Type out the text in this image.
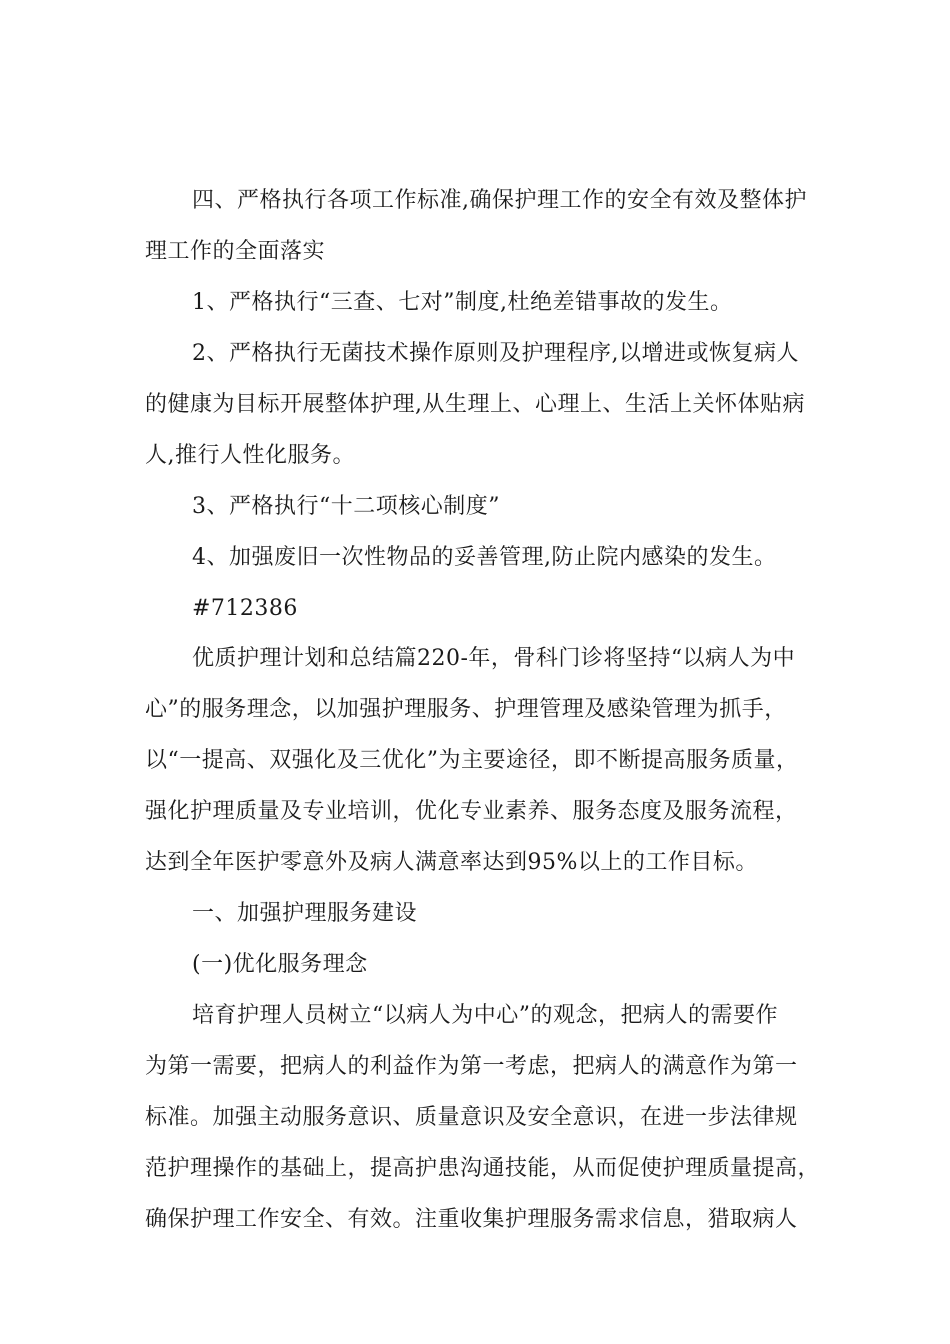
四、严格执行各项工作标准,确保护理工作的安全有效及整体护
理工作的全面落实
1、严格执行“三查、七对”制度,杜绝差错事故的发生。
2、严格执行无菌技术操作原则及护理程序,以增进或恢复病人
的健康为目标开展整体护理,从生理上、心理上、生活上关怀体贴病
人,推行人性化服务。
3、严格执行“十二项核心制度”
4、加强废旧一次性物品的妥善管理,防止院内感染的发生。
#712386
优质护理计划和总结篇220-年，骨科门诊将坚持“以病人为中
心”的服务理念，以加强护理服务、护理管理及感染管理为抓手，
以“一提高、双强化及三优化”为主要途径，即不断提高服务质量，
强化护理质量及专业培训，优化专业素养、服务态度及服务流程，
达到全年医护零意外及病人满意率达到95%以上的工作目标。
一、加强护理服务建设
(一)优化服务理念
培育护理人员树立“以病人为中心”的观念，把病人的需要作
为第一需要，把病人的利益作为第一考虑，把病人的满意作为第一
标准。加强主动服务意识、质量意识及安全意识，在进一步法律规
范护理操作的基础上，提高护患沟通技能，从而促使护理质量提高，
确保护理工作安全、有效。注重收集护理服务需求信息，猎取病人
